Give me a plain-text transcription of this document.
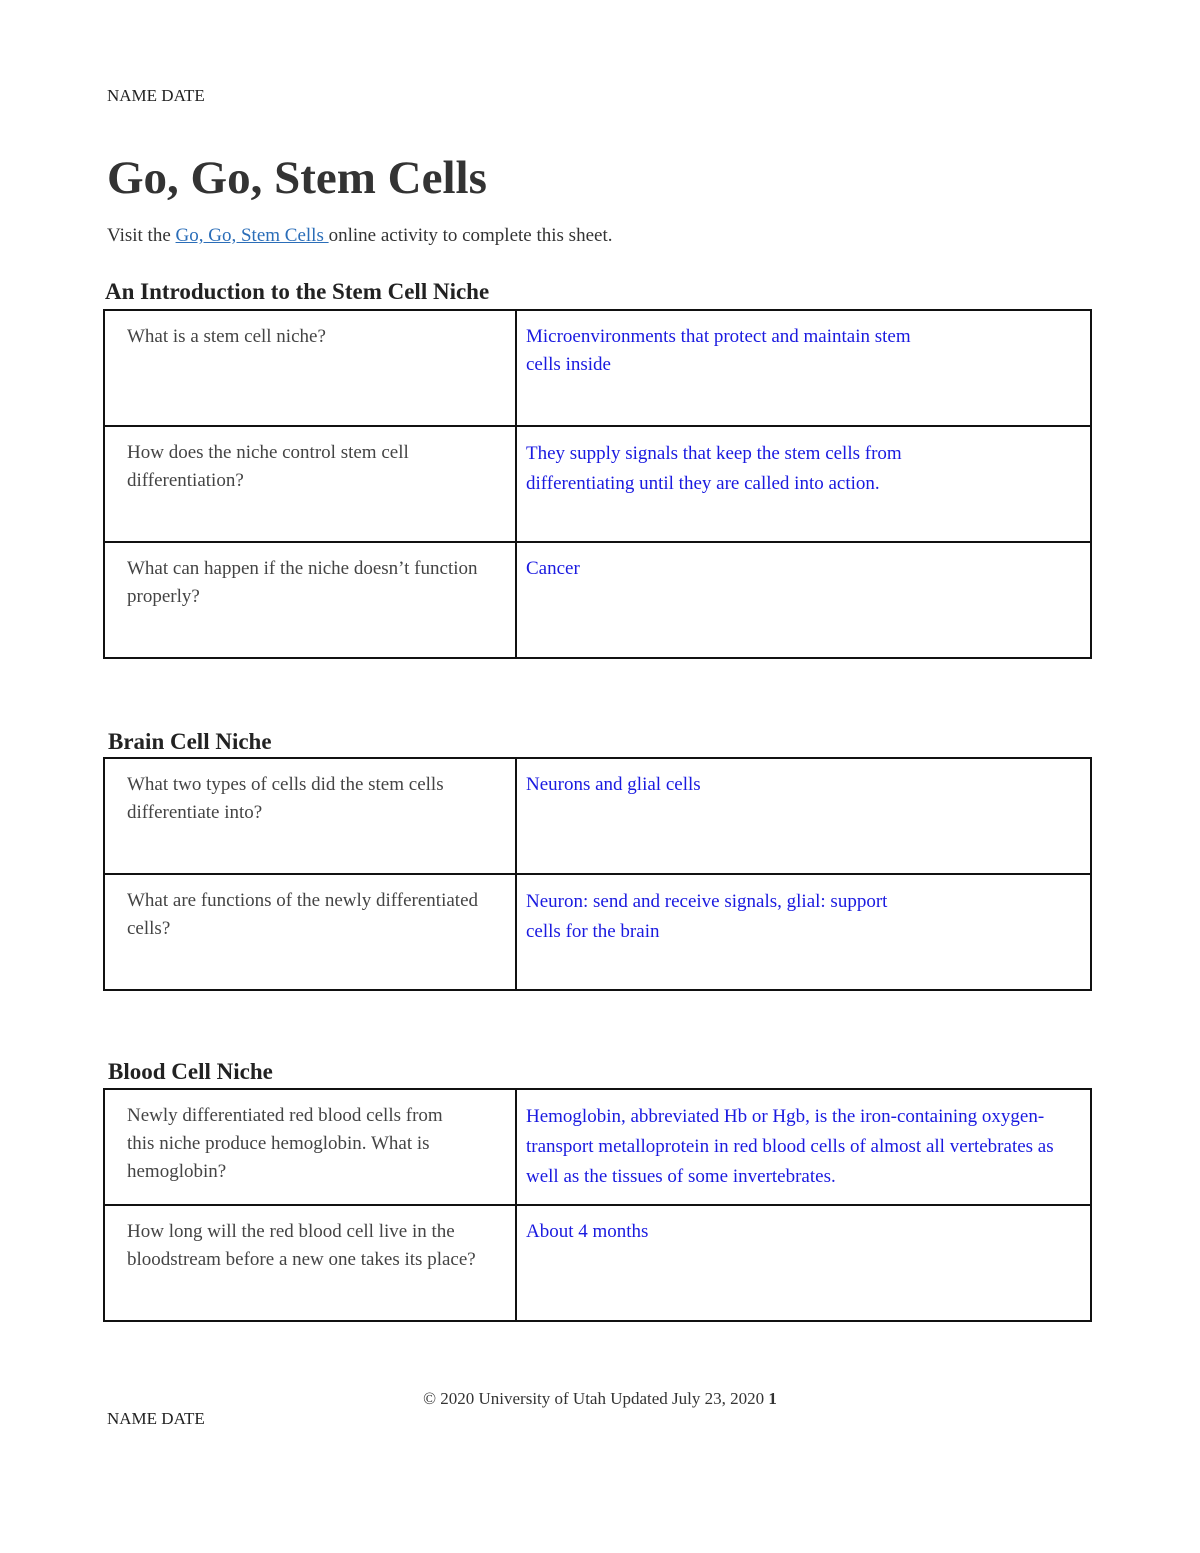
NAME DATE
Go, Go, Stem Cells
Visit the Go, Go, Stem Cells online activity to complete this sheet.
An Introduction to the Stem Cell Niche
What is a stem cell niche?	Microenvironments that protect and maintain stem cells inside
How does the niche control stem cell differentiation?	They supply signals that keep the stem cells from differentiating until they are called into action.
What can happen if the niche doesn’t function properly?	Cancer
Brain Cell Niche
What two types of cells did the stem cells differentiate into?	Neurons and glial cells
What are functions of the newly differentiated cells?	Neuron: send and receive signals, glial: support cells for the brain
Blood Cell Niche
Newly differentiated red blood cells from this niche produce hemoglobin. What is hemoglobin?	Hemoglobin, abbreviated Hb or Hgb, is the iron-containing oxygen-transport metalloprotein in red blood cells of almost all vertebrates as well as the tissues of some invertebrates.
How long will the red blood cell live in the bloodstream before a new one takes its place?	About 4 months
© 2020 University of Utah Updated July 23, 2020 1
NAME DATE
